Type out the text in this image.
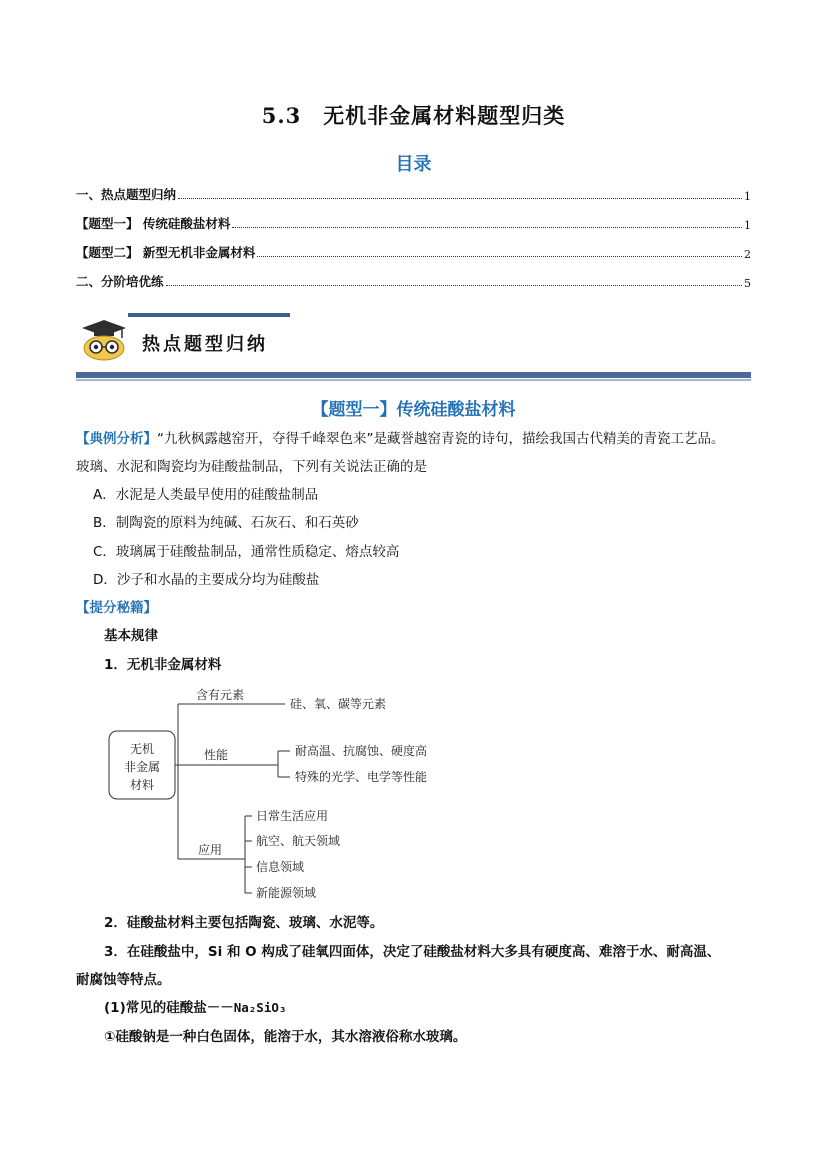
5.3　无机非金属材料题型归类
目录
一、热点题型归纳	1
【题型一】 传统硅酸盐材料	1
【题型二】 新型无机非金属材料	2
二、分阶培优练	5
热点题型归纳
【题型一】传统硅酸盐材料
【典例分析】“九秋枫露越窑开，夺得千峰翠色来”是藏誉越窑青瓷的诗句，描绘我国古代精美的青瓷工艺品。
玻璃、水泥和陶瓷均为硅酸盐制品，下列有关说法正确的是
A．水泥是人类最早使用的硅酸盐制品
B．制陶瓷的原料为纯碱、石灰石、和石英砂
C．玻璃属于硅酸盐制品，通常性质稳定、熔点较高
D．沙子和水晶的主要成分均为硅酸盐
【提分秘籍】
基本规律
1．无机非金属材料
无机
非金属
材料
含有元素
硅、氧、碳等元素
性能	耐高温、抗腐蚀、硬度高
特殊的光学、电学等性能
应用
日常生活应用
航空、航天领域
信息领域
新能源领域
2．硅酸盐材料主要包括陶瓷、玻璃、水泥等。
3．在硅酸盐中，Si 和 O 构成了硅氧四面体，决定了硅酸盐材料大多具有硬度高、难溶于水、耐高温、
耐腐蚀等特点。
(1)常见的硅酸盐－－Na₂SiO₃
①硅酸钠是一种白色固体，能溶于水，其水溶液俗称水玻璃。
